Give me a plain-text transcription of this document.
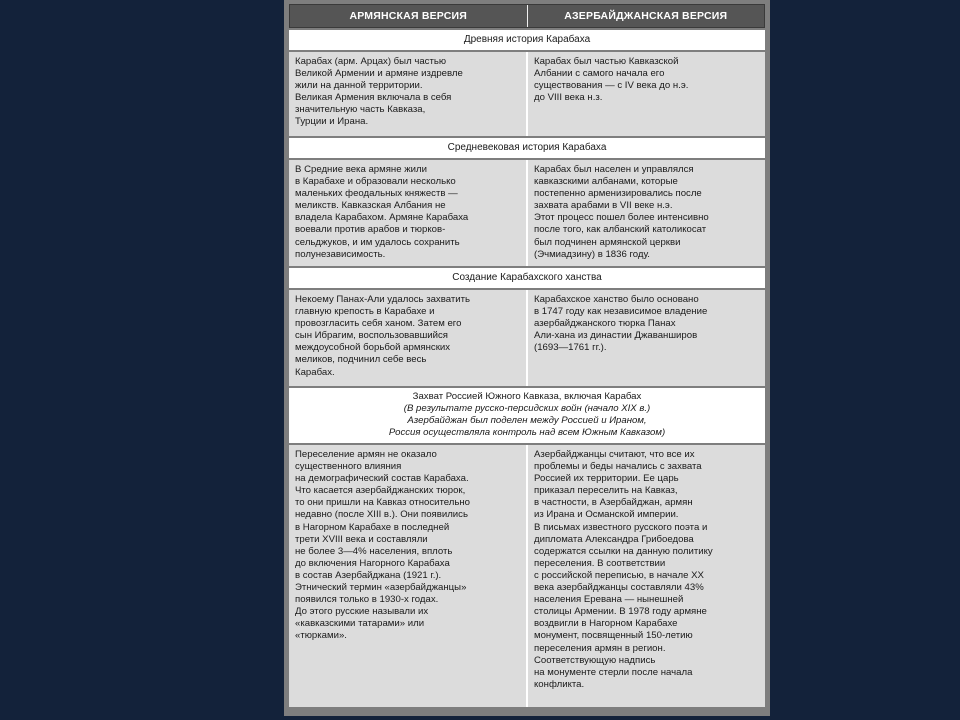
АРМЯНСКАЯ ВЕРСИЯ	АЗЕРБАЙДЖАНСКАЯ ВЕРСИЯ
Древняя история Карабаха
Карабах (арм. Арцах) был частью
Великой Армении и армяне издревле
жили на данной территории.
Великая Армения включала в себя
значительную часть Кавказа,
Турции и Ирана.
Карабах был частью Кавказской
Албании с самого начала его
существования — с IV века до н.э.
до VIII века н.з.
Средневековая история Карабаха
В Средние века армяне жили
в Карабахе и образовали несколько
маленьких феодальных княжеств —
меликств. Кавказская Албания не
владела Карабахом. Армяне Карабаха
воевали против арабов и тюрков-
сельджуков, и им удалось сохранить
полунезависимость.
Карабах был населен и управлялся
кавказскими албанами, которые
постепенно арменизировались после
захвата арабами в VII веке н.э.
Этот процесс пошел более интенсивно
после того, как албанский католикосат
был подчинен армянской церкви
(Эчмиадзину) в 1836 году.
Создание Карабахского ханства
Некоему Панах-Али удалось захватить
главную крепость в Карабахе и
провозгласить себя ханом. Затем его
сын Ибрагим, воспользовавшийся
междоусобной борьбой армянских
меликов, подчинил себе весь
Карабах.
Карабахское ханство было основано
в 1747 году как независимое владение
азербайджанского тюрка Панах
Али-хана из династии Джаванширов
(1693—1761 гг.).
Захват Россией Южного Кавказа, включая Карабах
(В результате русско-персидских войн (начало XIX в.)
Азербайджан был поделен между Россией и Ираном,
Россия осуществляла контроль над всем Южным Кавказом)
Переселение армян не оказало
существенного влияния
на демографический состав Карабаха.
Что касается азербайджанских тюрок,
то они пришли на Кавказ относительно
недавно (после XIII в.). Они появились
в Нагорном Карабахе в последней
трети XVIII века и составляли
не более 3—4% населения, вплоть
до включения Нагорного Карабаха
в состав Азербайджана (1921 г.).
Этнический термин «азербайджанцы»
появился только в 1930-х годах.
До этого русские называли их
«кавказскими татарами» или
«тюрками».
Азербайджанцы считают, что все их
проблемы и беды начались с захвата
Россией их территории. Ее царь
приказал переселить на Кавказ,
в частности, в Азербайджан, армян
из Ирана и Османской империи.
В письмах известного русского поэта и
дипломата Александра Грибоедова
содержатся ссылки на данную политику
переселения. В соответствии
с российской переписью, в начале XX
века азербайджанцы составляли 43%
населения Еревана — нынешней
столицы Армении. В 1978 году армяне
воздвигли в Нагорном Карабахе
монумент, посвященный 150-летию
переселения армян в регион.
Соответствующую надпись
на монументе стерли после начала
конфликта.
